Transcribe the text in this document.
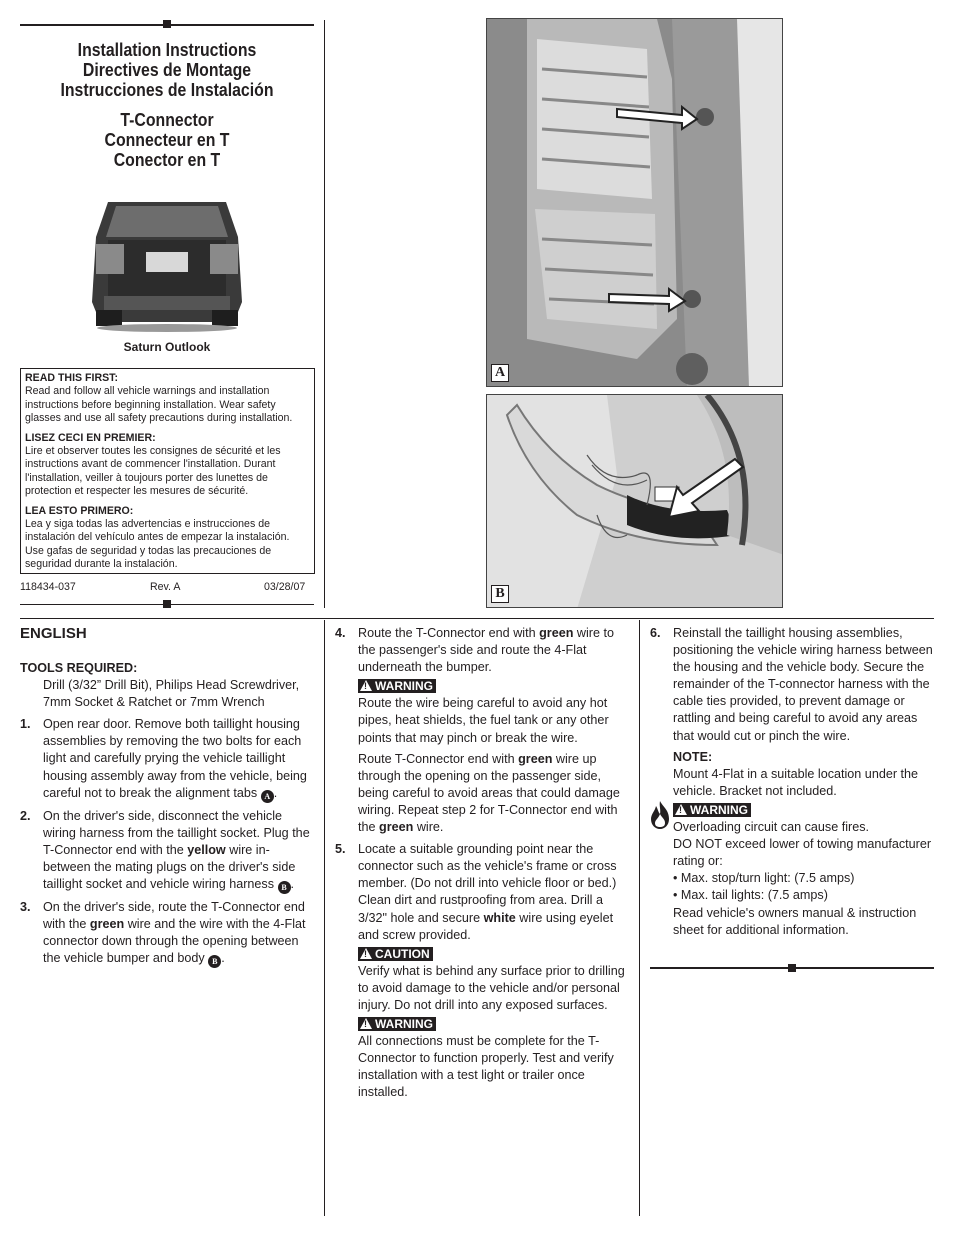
Installation Instructions
Directives de Montage
Instrucciones de Instalación
T-Connector
Connecteur en T
Conector en T
Saturn Outlook
READ THIS FIRST:
Read and follow all vehicle warnings and installation instructions before beginning installation. Wear safety glasses and use all safety precautions during installation.
LISEZ CECI EN PREMIER:
Lire et observer toutes les consignes de sécurité et les instructions avant de commencer l'installation. Durant l'installation, veiller à toujours porter des lunettes de protection et respecter les mesures de sécurité.
LEA ESTO PRIMERO:
Lea y siga todas las advertencias e instrucciones de instalación del vehículo antes de empezar la instalación. Use gafas de seguridad y todas las precauciones de seguridad durante la instalación.
118434-037	Rev. A	03/28/07
A
B
ENGLISH
TOOLS REQUIRED:
Drill (3/32” Drill Bit), Philips Head Screwdriver, 7mm Socket & Ratchet or 7mm Wrench
1. Open rear door. Remove both taillight housing assemblies by removing the two bolts for each light and carefully prying the vehicle taillight housing assembly away from the vehicle, being careful not to break the alignment tabs A .
2. On the driver's side, disconnect the vehicle wiring harness from the taillight socket. Plug the T-Connector end with the yellow wire in-between the mating plugs on the driver's side taillight socket and vehicle wiring harness B .
3. On the driver's side, route the T-Connector end with the green wire and the wire with the 4-Flat connector down through the opening between the vehicle bumper and body B .
4. Route the T-Connector end with green wire to the passenger's side and route the 4-Flat underneath the bumper.
!WARNING
Route the wire being careful to avoid any hot pipes, heat shields, the fuel tank or any other points that may pinch or break the wire.
Route T-Connector end with green wire up through the opening on the passenger side, being careful to avoid areas that could damage wiring. Repeat step 2 for T-Connector end with the green wire.
5. Locate a suitable grounding point near the connector such as the vehicle's frame or cross member. (Do not drill into vehicle floor or bed.) Clean dirt and rustproofing from area. Drill a 3/32" hole and secure white wire using eyelet and screw provided.
!CAUTION
Verify what is behind any surface prior to drilling to avoid damage to the vehicle and/or personal injury. Do not drill into any exposed surfaces.
!WARNING
All connections must be complete for the T-Connector to function properly. Test and verify installation with a test light or trailer once installed.
6. Reinstall the taillight housing assemblies, positioning the vehicle wiring harness between the housing and the vehicle body. Secure the remainder of the T-connector harness with the cable ties provided, to prevent damage or rattling and being careful to avoid any areas that would cut or pinch the wire.
NOTE:
Mount 4-Flat in a suitable location under the vehicle. Bracket not included.
!WARNING
Overloading circuit can cause fires.
DO NOT exceed lower of towing manufacturer rating or:
• Max. stop/turn light: (7.5 amps)
• Max. tail lights: (7.5 amps)
Read vehicle's owners manual & instruction sheet for additional information.
